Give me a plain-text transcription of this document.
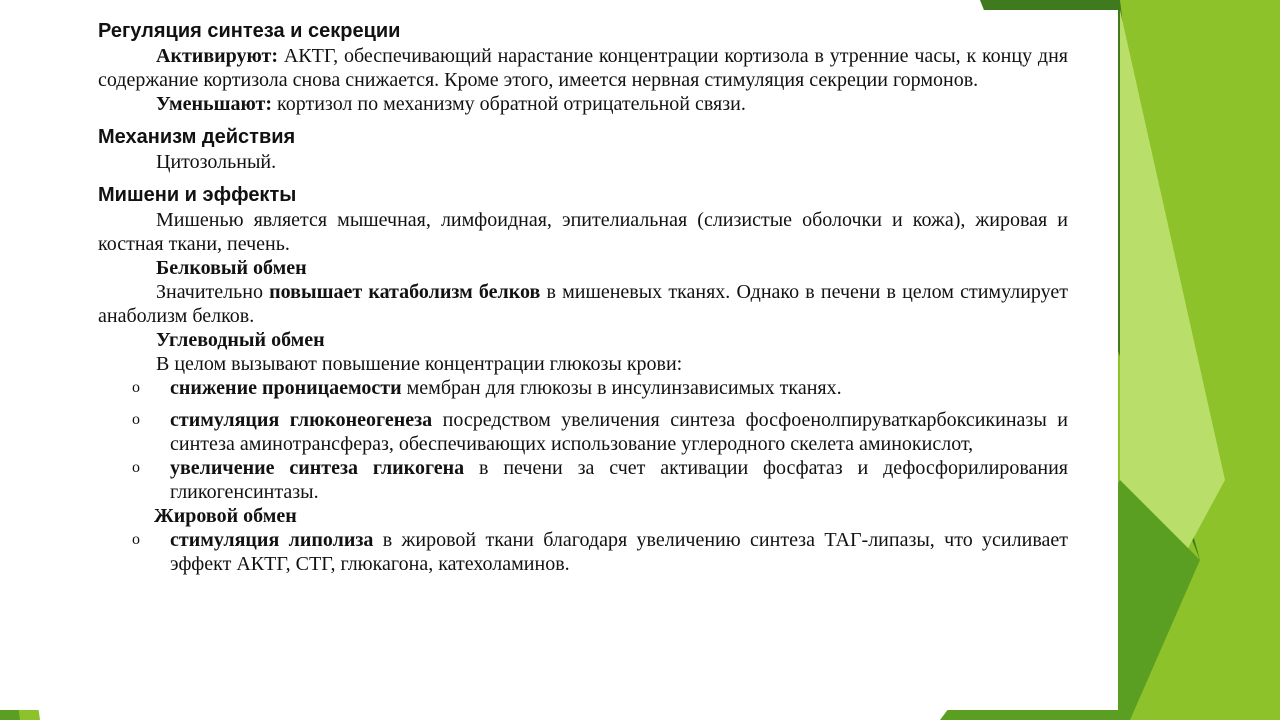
Регуляция синтеза и секреции

Активируют: АКТГ, обеспечивающий нарастание концентрации кортизола в утренние часы, к концу дня содержание кортизола снова снижается. Кроме этого, имеется нервная стимуляция секреции гормонов.

Уменьшают: кортизол по механизму обратной отрицательной связи.

Механизм действия

Цитозольный.

Мишени и эффекты

Мишенью является мышечная, лимфоидная, эпителиальная (слизистые оболочки и кожа), жировая и костная ткани, печень.

Белковый обмен

Значительно повышает катаболизм белков в мишеневых тканях. Однако в печени в целом стимулирует анаболизм белков.

Углеводный обмен

В целом вызывают повышение концентрации глюкозы крови:

o снижение проницаемости мембран для глюкозы в инсулинзависимых тканях.
o стимуляция глюконеогенеза посредством увеличения синтеза фосфоенолпируваткарбоксикиназы и синтеза аминотрансфераз, обеспечивающих использование углеродного скелета аминокислот,
o увеличение синтеза гликогена в печени за счет активации фосфатаз и дефосфорилирования гликогенсинтазы.

Жировой обмен

o стимуляция липолиза в жировой ткани благодаря увеличению синтеза ТАГ-липазы, что усиливает эффект АКТГ, СТГ, глюкагона, катехоламинов.
